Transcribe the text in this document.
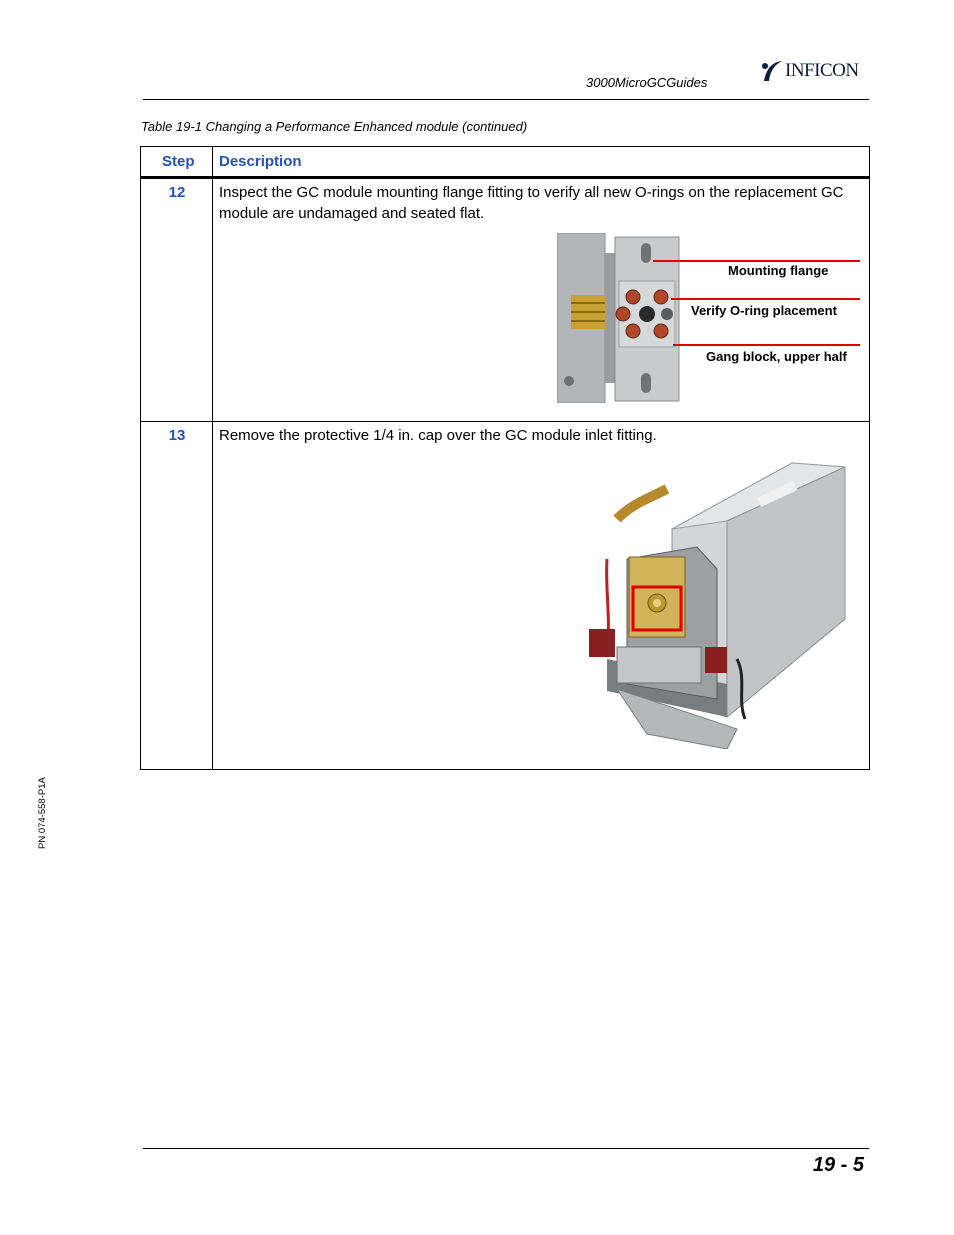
3000MicroGCGuides
INFICON
Table 19-1 Changing a Performance Enhanced module (continued)
Step Description
12	Inspect the GC module mounting flange fitting to verify all new O-rings on the replacement GC module are undamaged and seated flat.
Mounting flange
Verify O-ring placement
Gang block, upper half
13	Remove the protective 1/4 in. cap over the GC module inlet fitting.
PN 074-558-P1A
19 - 5
